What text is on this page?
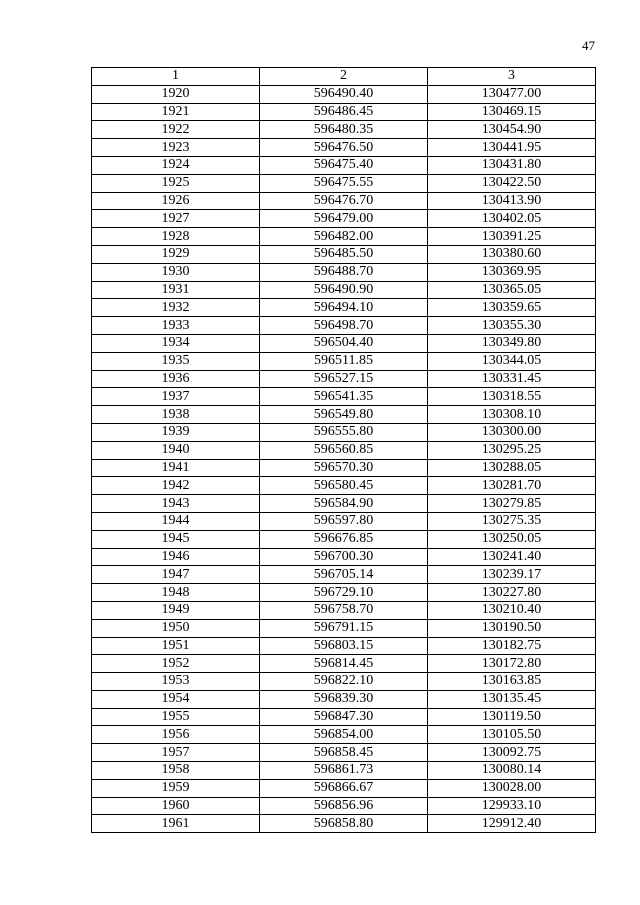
47
1	2	3
1920	596490.40	130477.00
1921	596486.45	130469.15
1922	596480.35	130454.90
1923	596476.50	130441.95
1924	596475.40	130431.80
1925	596475.55	130422.50
1926	596476.70	130413.90
1927	596479.00	130402.05
1928	596482.00	130391.25
1929	596485.50	130380.60
1930	596488.70	130369.95
1931	596490.90	130365.05
1932	596494.10	130359.65
1933	596498.70	130355.30
1934	596504.40	130349.80
1935	596511.85	130344.05
1936	596527.15	130331.45
1937	596541.35	130318.55
1938	596549.80	130308.10
1939	596555.80	130300.00
1940	596560.85	130295.25
1941	596570.30	130288.05
1942	596580.45	130281.70
1943	596584.90	130279.85
1944	596597.80	130275.35
1945	596676.85	130250.05
1946	596700.30	130241.40
1947	596705.14	130239.17
1948	596729.10	130227.80
1949	596758.70	130210.40
1950	596791.15	130190.50
1951	596803.15	130182.75
1952	596814.45	130172.80
1953	596822.10	130163.85
1954	596839.30	130135.45
1955	596847.30	130119.50
1956	596854.00	130105.50
1957	596858.45	130092.75
1958	596861.73	130080.14
1959	596866.67	130028.00
1960	596856.96	129933.10
1961	596858.80	129912.40
